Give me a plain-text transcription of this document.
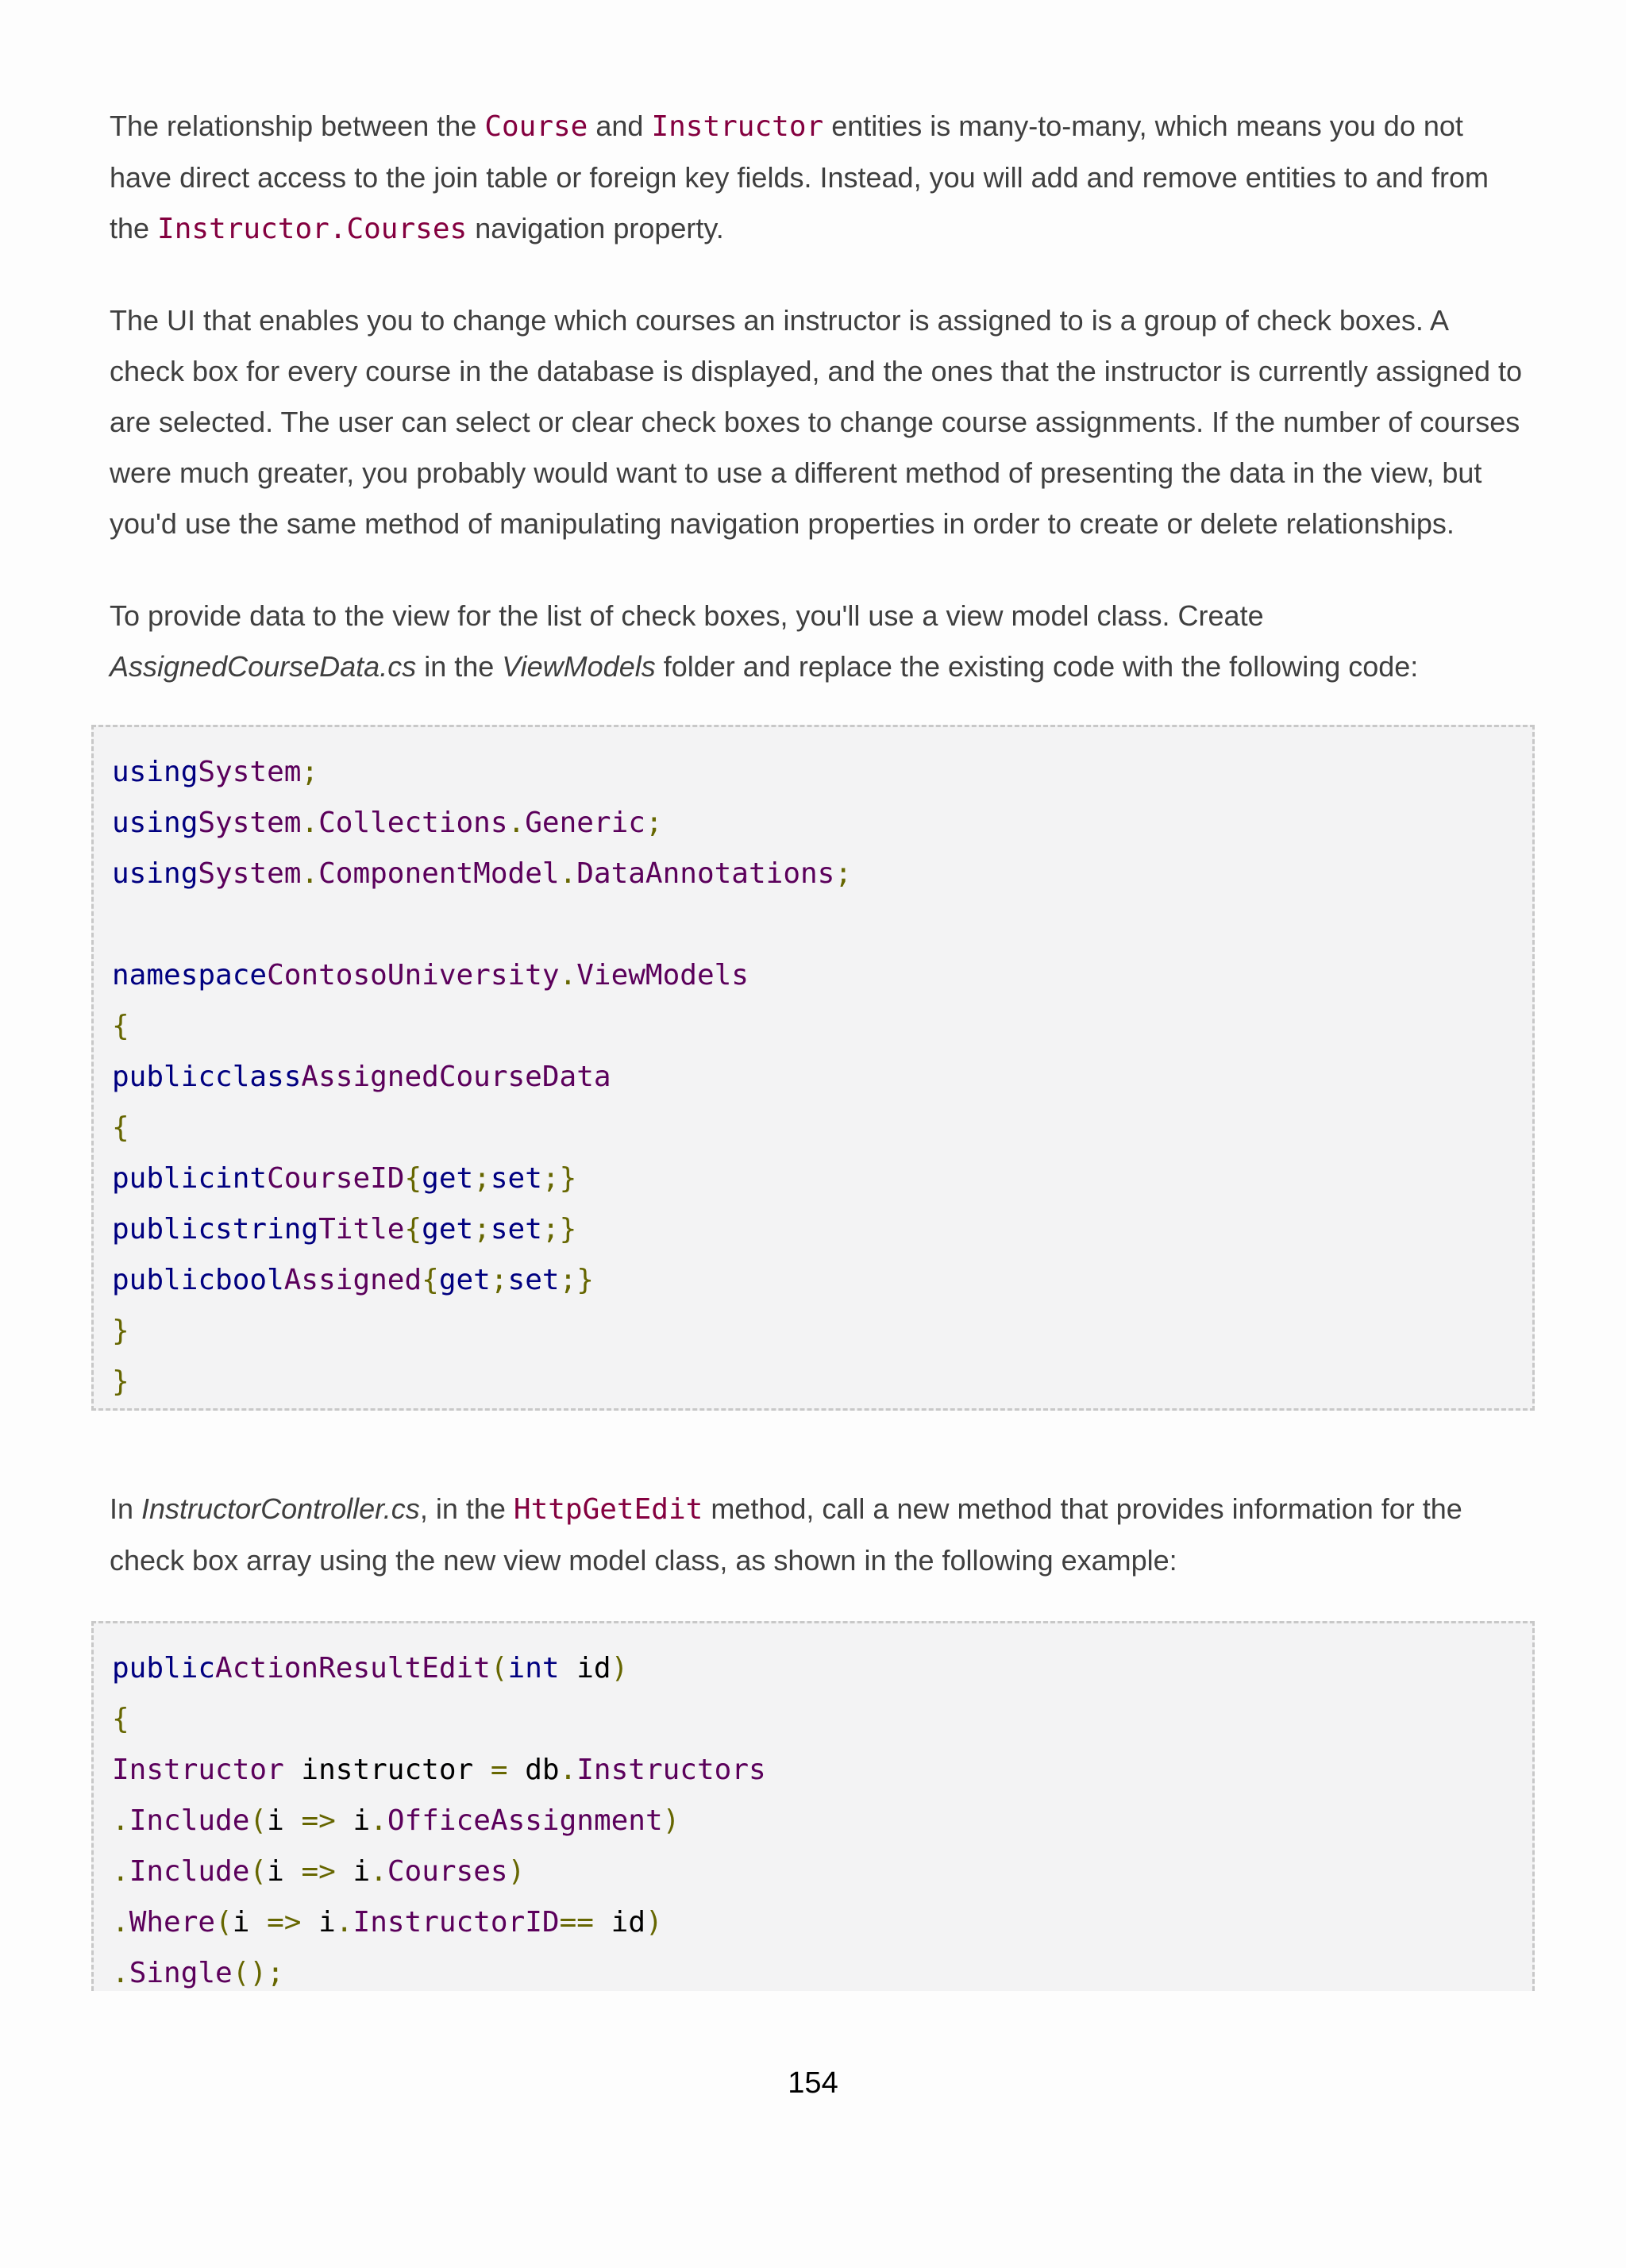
The relationship between the Course and Instructor entities is many-to-many, which means you do not have direct access to the join table or foreign key fields. Instead, you will add and remove entities to and from the Instructor.Courses navigation property.

The UI that enables you to change which courses an instructor is assigned to is a group of check boxes. A check box for every course in the database is displayed, and the ones that the instructor is currently assigned to are selected. The user can select or clear check boxes to change course assignments. If the number of courses were much greater, you probably would want to use a different method of presenting the data in the view, but you'd use the same method of manipulating navigation properties in order to create or delete relationships.

To provide data to the view for the list of check boxes, you'll use a view model class. Create AssignedCourseData.cs in the ViewModels folder and replace the existing code with the following code:

usingSystem;
usingSystem.Collections.Generic;
usingSystem.ComponentModel.DataAnnotations;
namespaceContosoUniversity.ViewModels
{
publicclassAssignedCourseData
{
publicintCourseID{get;set;}
publicstringTitle{get;set;}
publicboolAssigned{get;set;}
}
}

In InstructorController.cs, in the HttpGetEdit method, call a new method that provides information for the check box array using the new view model class, as shown in the following example:

publicActionResultEdit(int id)
{
Instructor instructor = db.Instructors
.Include(i => i.OfficeAssignment)
.Include(i => i.Courses)
.Where(i => i.InstructorID== id)
.Single();
154
